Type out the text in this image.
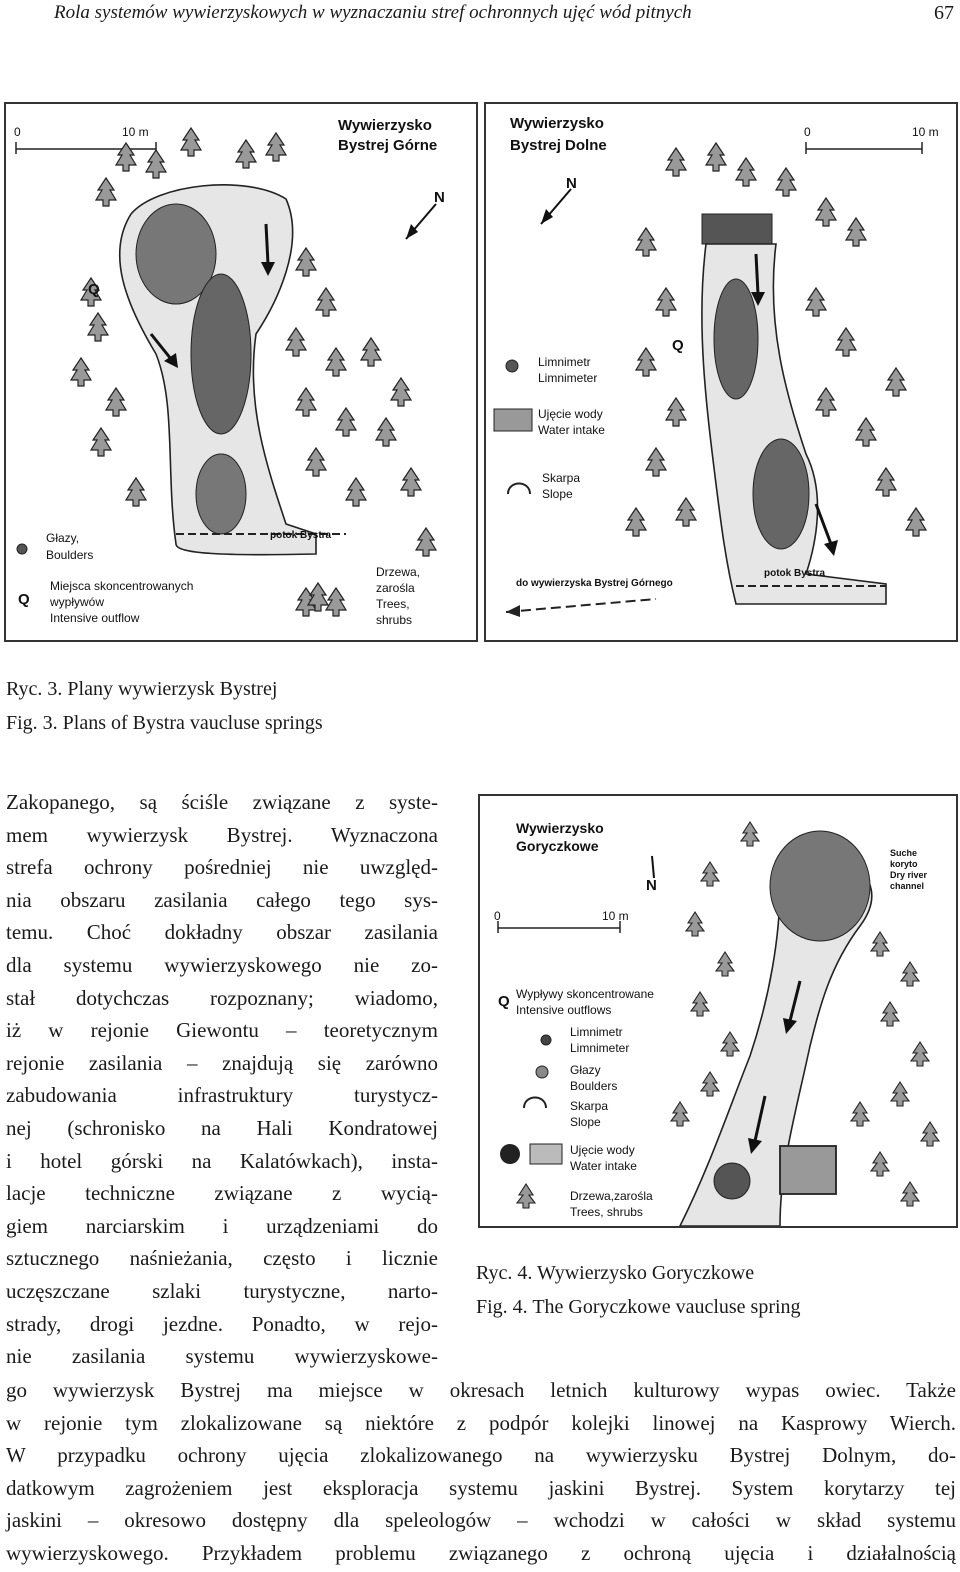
Rola systemów wywierzyskowych w wyznaczaniu stref ochronnych ujęć wód pitnych	67
0	10 m	Wywierzysko
Bystrej Górne
N
Q
potok Bystra
Głazy,
Boulders
Q
Miejsca skoncentrowanych
wypływów
Intensive outflow
Drzewa,
zarośla
Trees,
shrubs
Wywierzysko
Bystrej Dolne
0	10 m
N
Q
Limnimetr
Limnimeter
Ujęcie wody
Water intake
Skarpa
Slope
do wywierzyska Bystrej Górnego
potok Bystra
Ryc. 3. Plany wywierzysk Bystrej
Fig. 3. Plans of Bystra vaucluse springs
Wywierzysko
Goryczkowe
N
0	10 m
Suche
koryto
Dry river
channel
Q Wypływy skoncentrowane
Intensive outflows
Limnimetr
Limnimeter
Głazy
Boulders
Skarpa
Slope
Ujęcie wody
Water intake
Drzewa,zarośla
Trees, shrubs
Ryc. 4. Wywierzysko Goryczkowe
Fig. 4. The Goryczkowe vaucluse spring

Zakopanego, są ściśle związane z syste-

mem wywierzysk Bystrej. Wyznaczona

strefa ochrony pośredniej nie uwzględ-

nia obszaru zasilania całego tego sys-

temu. Choć dokładny obszar zasilania

dla systemu wywierzyskowego nie zo-

stał dotychczas rozpoznany; wiadomo,

iż w rejonie Giewontu – teoretycznym

rejonie zasilania – znajdują się zarówno

zabudowania infrastruktury turystycz-

nej (schronisko na Hali Kondratowej

i hotel górski na Kalatówkach), insta-

lacje techniczne związane z wycią-

giem narciarskim i urządzeniami do

sztucznego naśnieżania, często i licznie

uczęszczane szlaki turystyczne, narto-

strady, drogi jezdne. Ponadto, w rejo-

nie zasilania systemu wywierzyskowe-

go wywierzysk Bystrej ma miejsce w okresach letnich kulturowy wypas owiec. Także

w rejonie tym zlokalizowane są niektóre z podpór kolejki linowej na Kasprowy Wierch.

W przypadku ochrony ujęcia zlokalizowanego na wywierzysku Bystrej Dolnym, do-

datkowym zagrożeniem jest eksploracja systemu jaskini Bystrej. System korytarzy tej

jaskini – okresowo dostępny dla speleologów – wchodzi w całości w skład systemu

wywierzyskowego. Przykładem problemu związanego z ochroną ujęcia i działalnością
